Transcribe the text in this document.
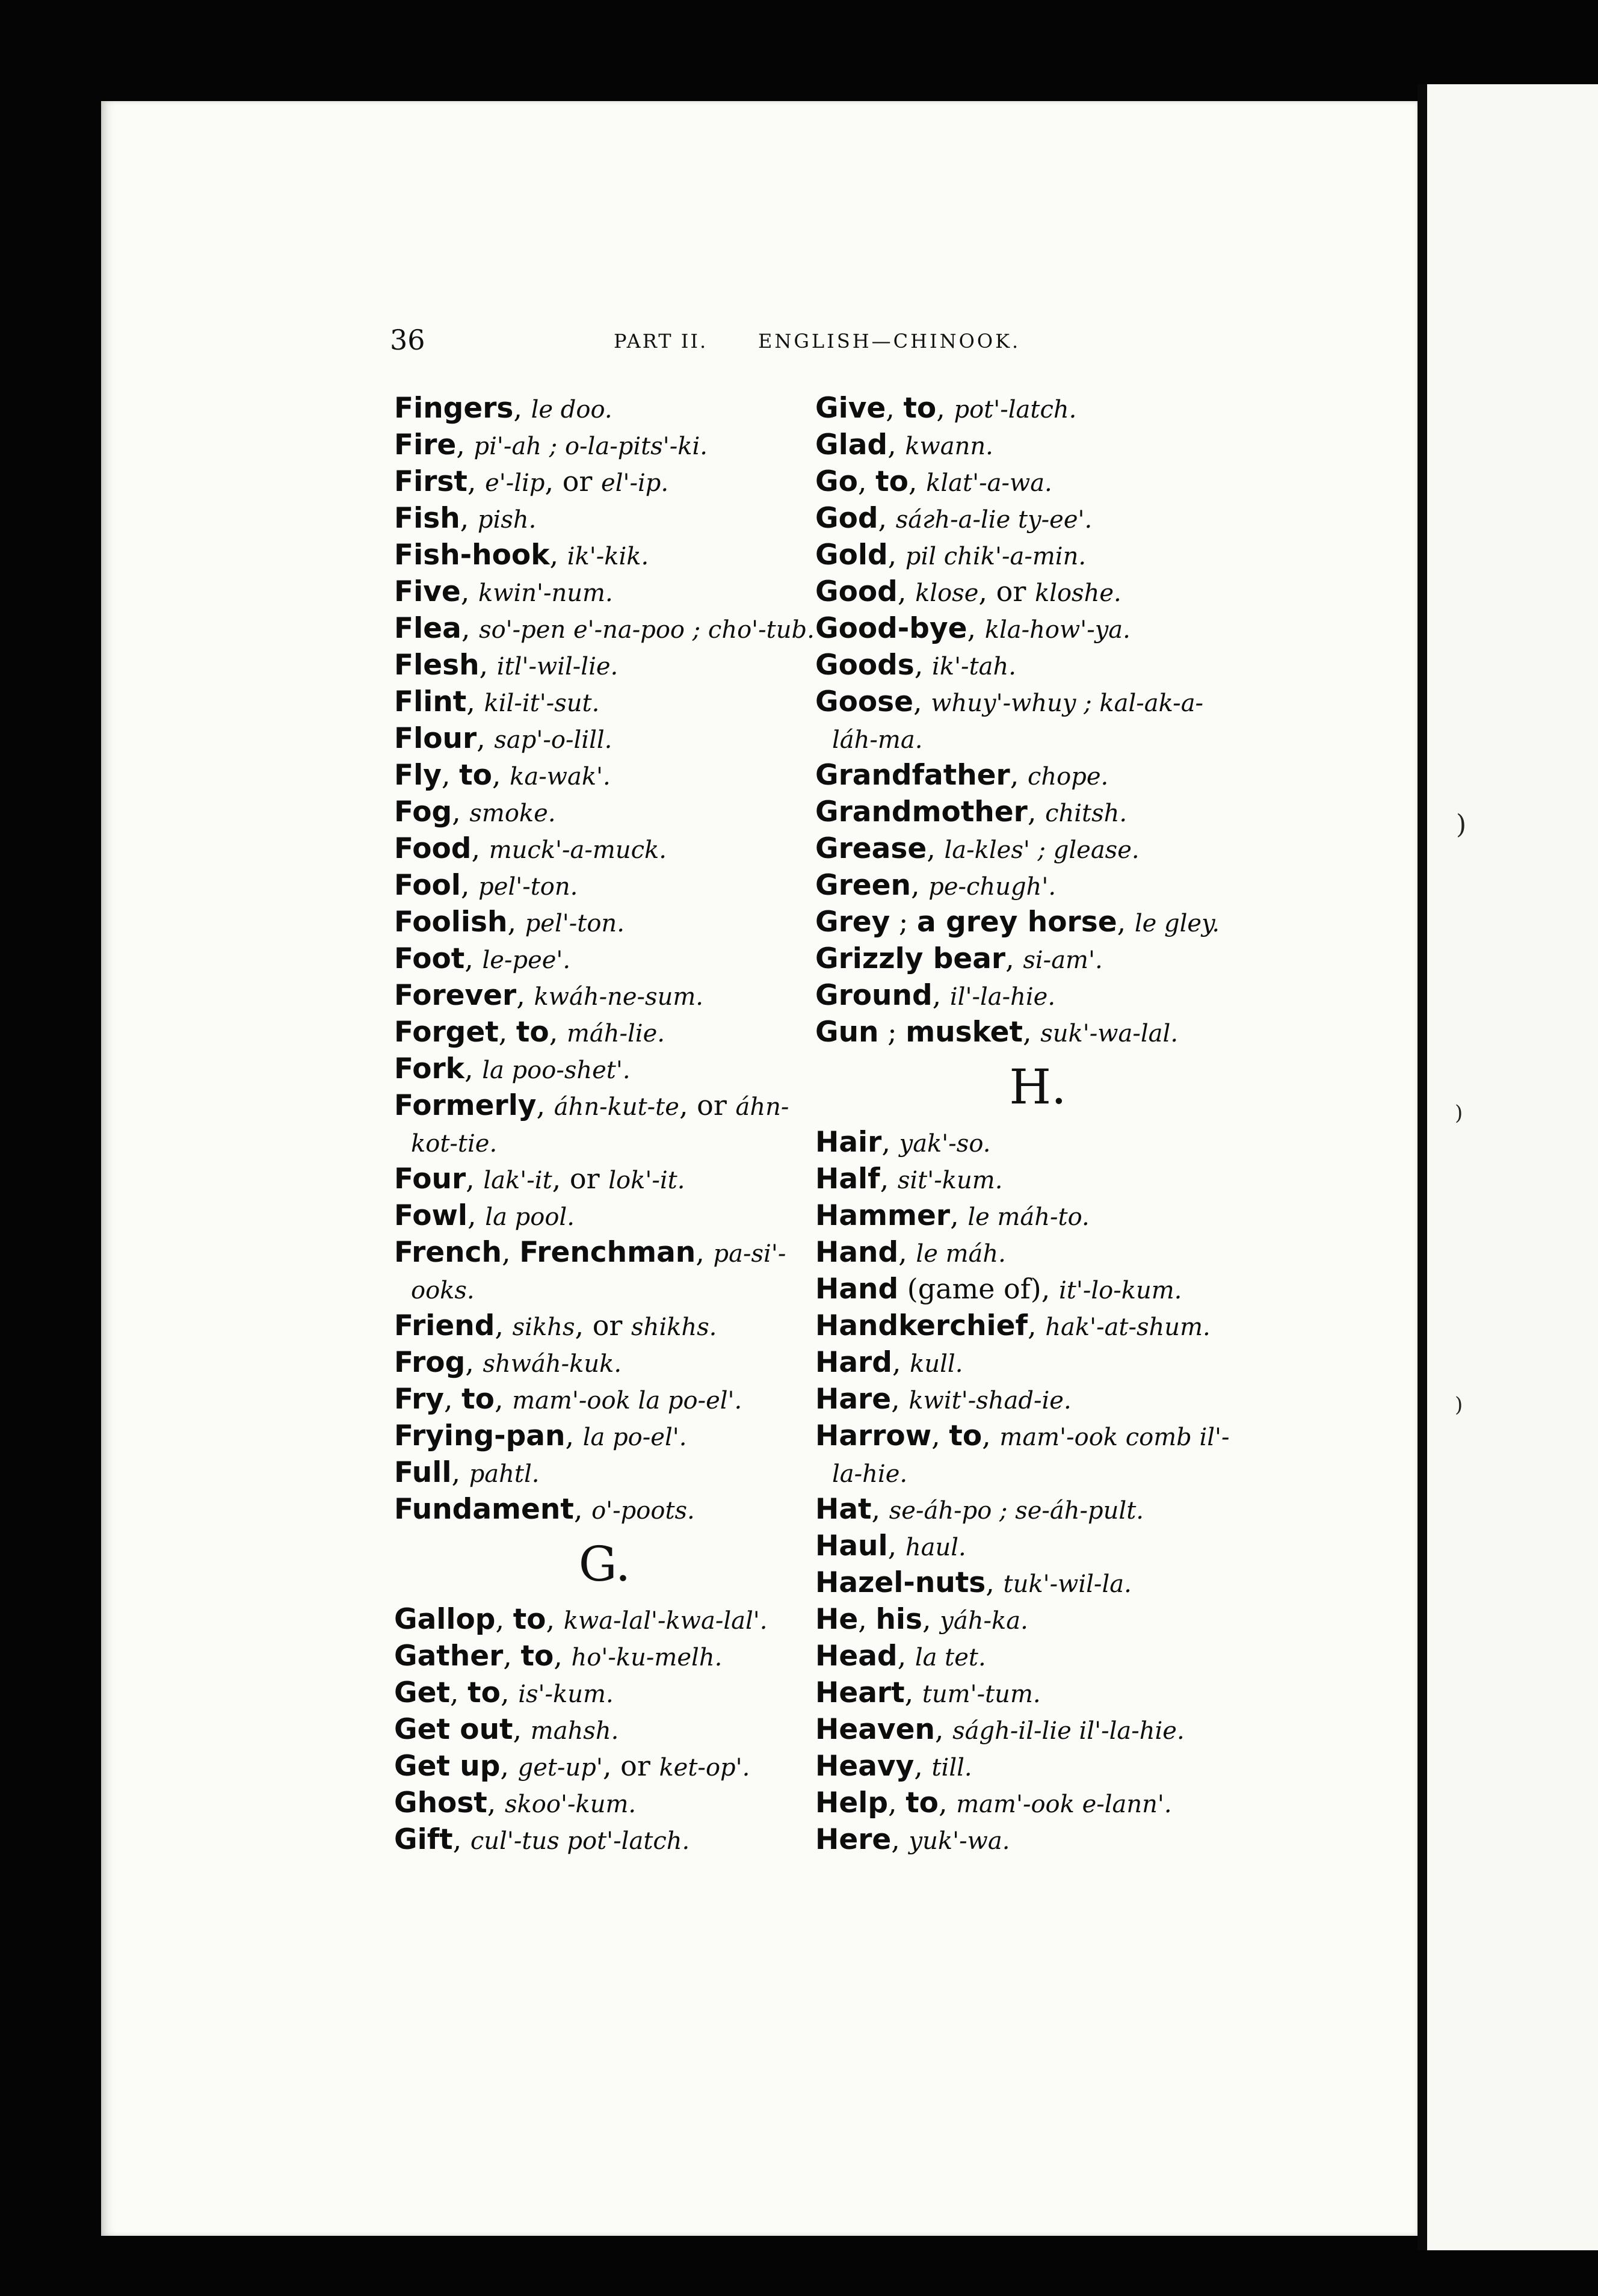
)
)
)
36	PART II.	ENGLISH—CHINOOK.
Fingers, le doo.
Fire, pi'-ah ; o-la-pits'-ki.
First, e'-lip, or el'-ip.
Fish, pish.
Fish-hook, ik'-kik.
Five, kwin'-num.
Flea, so'-pen e'-na-poo ; cho'-tub.
Flesh, itl'-wil-lie.
Flint, kil-it'-sut.
Flour, sap'-o-lill.
Fly, to, ka-wak'.
Fog, smoke.
Food, muck'-a-muck.
Fool, pel'-ton.
Foolish, pel'-ton.
Foot, le-pee'.
Forever, kwáh-ne-sum.
Forget, to, máh-lie.
Fork, la poo-shet'.
Formerly, áhn-kut-te, or áhn-
kot-tie.
Four, lak'-it, or lok'-it.
Fowl, la pool.
French, Frenchman, pa-si'-
ooks.
Friend, sikhs, or shikhs.
Frog, shwáh-kuk.
Fry, to, mam'-ook la po-el'.
Frying-pan, la po-el'.
Full, pahtl.
Fundament, o'-poots.
G.
Gallop, to, kwa-lal'-kwa-lal'.
Gather, to, ho'-ku-melh.
Get, to, is'-kum.
Get out, mahsh.
Get up, get-up', or ket-op'.
Ghost, skoo'-kum.
Gift, cul'-tus pot'-latch.
Give, to, pot'-latch.
Glad, kwann.
Go, to, klat'-a-wa.
God, sáгh-a-lie ty-ee'.
Gold, pil chik'-a-min.
Good, klose, or kloshe.
Good-bye, kla-how'-ya.
Goods, ik'-tah.
Goose, whuy'-whuy ; kal-ak-a-
láh-ma.
Grandfather, chope.
Grandmother, chitsh.
Grease, la-kles' ; glease.
Green, pe-chugh'.
Grey ; a grey horse, le gley.
Grizzly bear, si-am'.
Ground, il'-la-hie.
Gun ; musket, suk'-wa-lal.
H.
Hair, yak'-so.
Half, sit'-kum.
Hammer, le máh-to.
Hand, le máh.
Hand (game of), it'-lo-kum.
Handkerchief, hak'-at-shum.
Hard, kull.
Hare, kwit'-shad-ie.
Harrow, to, mam'-ook comb il'-
la-hie.
Hat, se-áh-po ; se-áh-pult.
Haul, haul.
Hazel-nuts, tuk'-wil-la.
He, his, yáh-ka.
Head, la tet.
Heart, tum'-tum.
Heaven, ságh-il-lie il'-la-hie.
Heavy, till.
Help, to, mam'-ook e-lann'.
Here, yuk'-wa.
